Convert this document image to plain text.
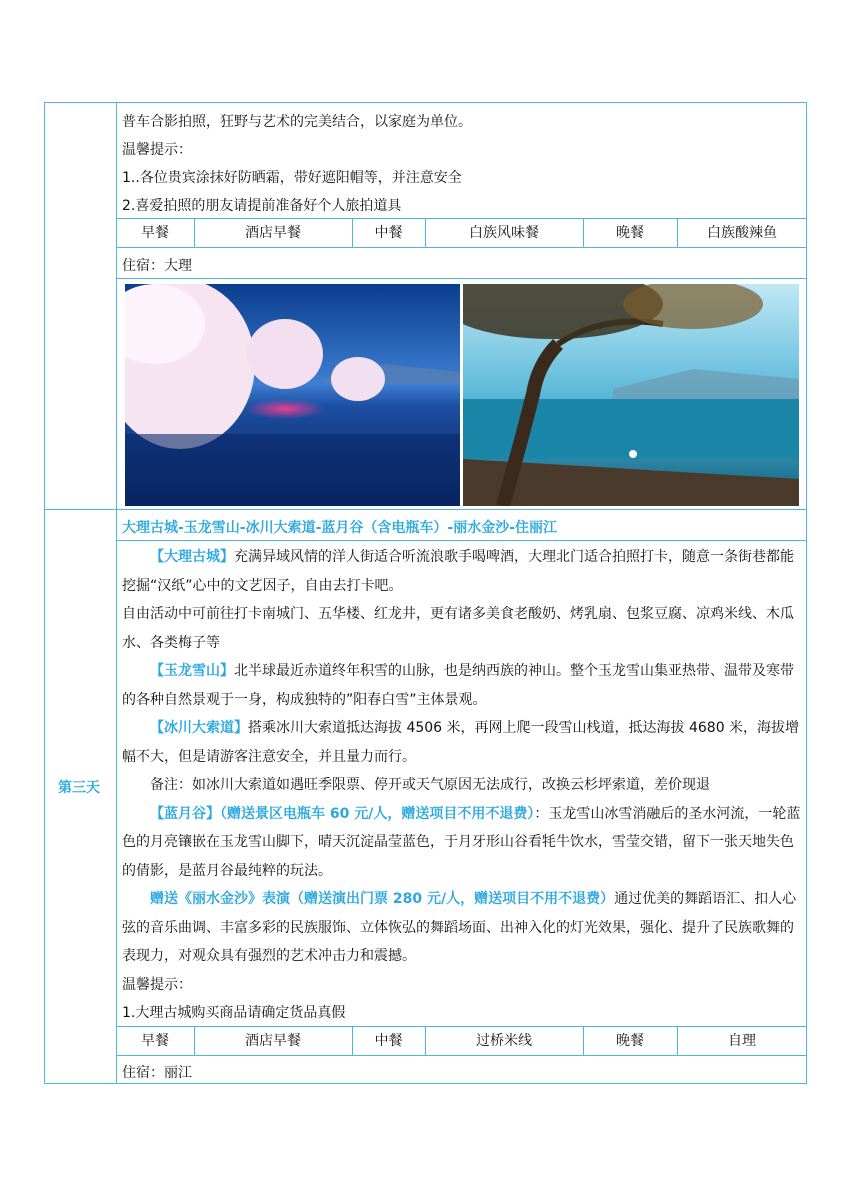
普车合影拍照，狂野与艺术的完美结合，以家庭为单位。
温馨提示：
1..各位贵宾涂抹好防晒霜，带好遮阳帽等，并注意安全
2.喜爱拍照的朋友请提前准备好个人旅拍道具
早餐	酒店早餐	中餐	白族风味餐	晚餐	白族酸辣鱼
住宿：大理
第三天
大理古城-玉龙雪山-冰川大索道-蓝月谷（含电瓶车）-丽水金沙-住丽江

【大理古城】充满异域风情的洋人街适合听流浪歌手喝啤酒，大理北门适合拍照打卡，随意一条街巷都能挖掘“汉纸”心中的文艺因子，自由去打卡吧。

自由活动中可前往打卡南城门、五华楼、红龙井，更有诸多美食老酸奶、烤乳扇、包浆豆腐、凉鸡米线、木瓜水、各类梅子等

【玉龙雪山】北半球最近赤道终年积雪的山脉，也是纳西族的神山。整个玉龙雪山集亚热带、温带及寒带的各种自然景观于一身，构成独特的”阳春白雪”主体景观。

【冰川大索道】搭乘冰川大索道抵达海拔 4506 米，再网上爬一段雪山栈道，抵达海拔 4680 米，海拔增幅不大，但是请游客注意安全，并且量力而行。

备注：如冰川大索道如遇旺季限票、停开或天气原因无法成行，改换云杉坪索道，差价现退

【蓝月谷】（赠送景区电瓶车 60 元/人，赠送项目不用不退费）：玉龙雪山冰雪消融后的圣水河流，一轮蓝色的月亮镶嵌在玉龙雪山脚下，晴天沉淀晶莹蓝色，于月牙形山谷看牦牛饮水，雪莹交错，留下一张天地失色的倩影，是蓝月谷最纯粹的玩法。

赠送《丽水金沙》表演（赠送演出门票 280 元/人，赠送项目不用不退费）通过优美的舞蹈语汇、扣人心弦的音乐曲调、丰富多彩的民族服饰、立体恢弘的舞蹈场面、出神入化的灯光效果，强化、提升了民族歌舞的表现力，对观众具有强烈的艺术冲击力和震撼。

温馨提示：

1.大理古城购买商品请确定货品真假

早餐	酒店早餐	中餐	过桥米线	晚餐	自理
住宿：丽江
